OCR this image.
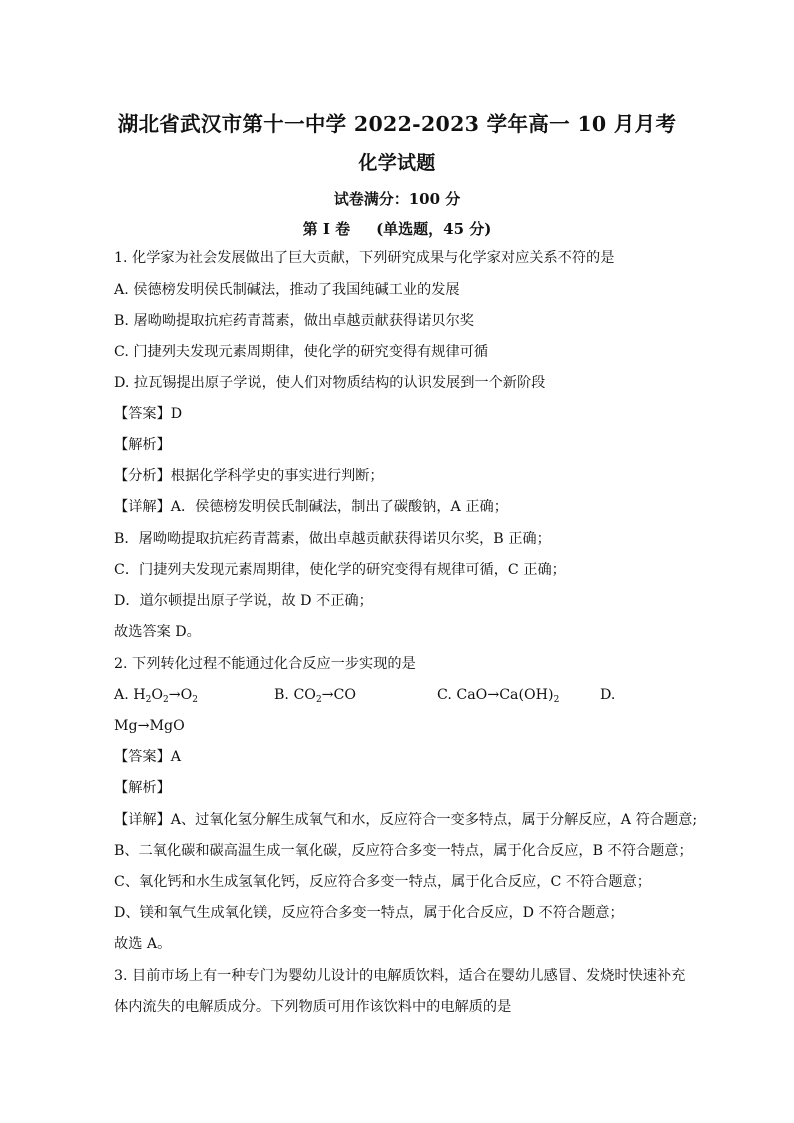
湖北省武汉市第十一中学 2022-2023 学年高一 10 月月考
化学试题
试卷满分：100 分
第 I 卷 (单选题，45 分)
1. 化学家为社会发展做出了巨大贡献，下列研究成果与化学家对应关系不符的是
A. 侯德榜发明侯氏制碱法，推动了我国纯碱工业的发展
B. 屠呦呦提取抗疟药青蒿素，做出卓越贡献获得诺贝尔奖
C. 门捷列夫发现元素周期律，使化学的研究变得有规律可循
D. 拉瓦锡提出原子学说，使人们对物质结构的认识发展到一个新阶段
【答案】D
【解析】
【分析】根据化学科学史的事实进行判断；
【详解】A．侯德榜发明侯氏制碱法，制出了碳酸钠，A 正确；
B．屠呦呦提取抗疟药青蒿素，做出卓越贡献获得诺贝尔奖，B 正确；
C．门捷列夫发现元素周期律，使化学的研究变得有规律可循，C 正确；
D．道尔顿提出原子学说，故 D 不正确；
故选答案 D。
2. 下列转化过程不能通过化合反应一步实现的是
A. $H_2O_2\to O_2$	B. $CO_2\to CO$	C. $CaO\to Ca(OH)_2$	D.
Mg→MgO
【答案】A
【解析】
【详解】A、过氧化氢分解生成氧气和水，反应符合一变多特点，属于分解反应，A 符合题意;
B、二氧化碳和碳高温生成一氧化碳，反应符合多变一特点，属于化合反应，B 不符合题意；
C、氧化钙和水生成氢氧化钙，反应符合多变一特点，属于化合反应，C 不符合题意；
D、镁和氧气生成氧化镁，反应符合多变一特点，属于化合反应，D 不符合题意；
故选 A。
3. 目前市场上有一种专门为婴幼儿设计的电解质饮料，适合在婴幼儿感冒、发烧时快速补充
体内流失的电解质成分。下列物质可用作该饮料中的电解质的是
